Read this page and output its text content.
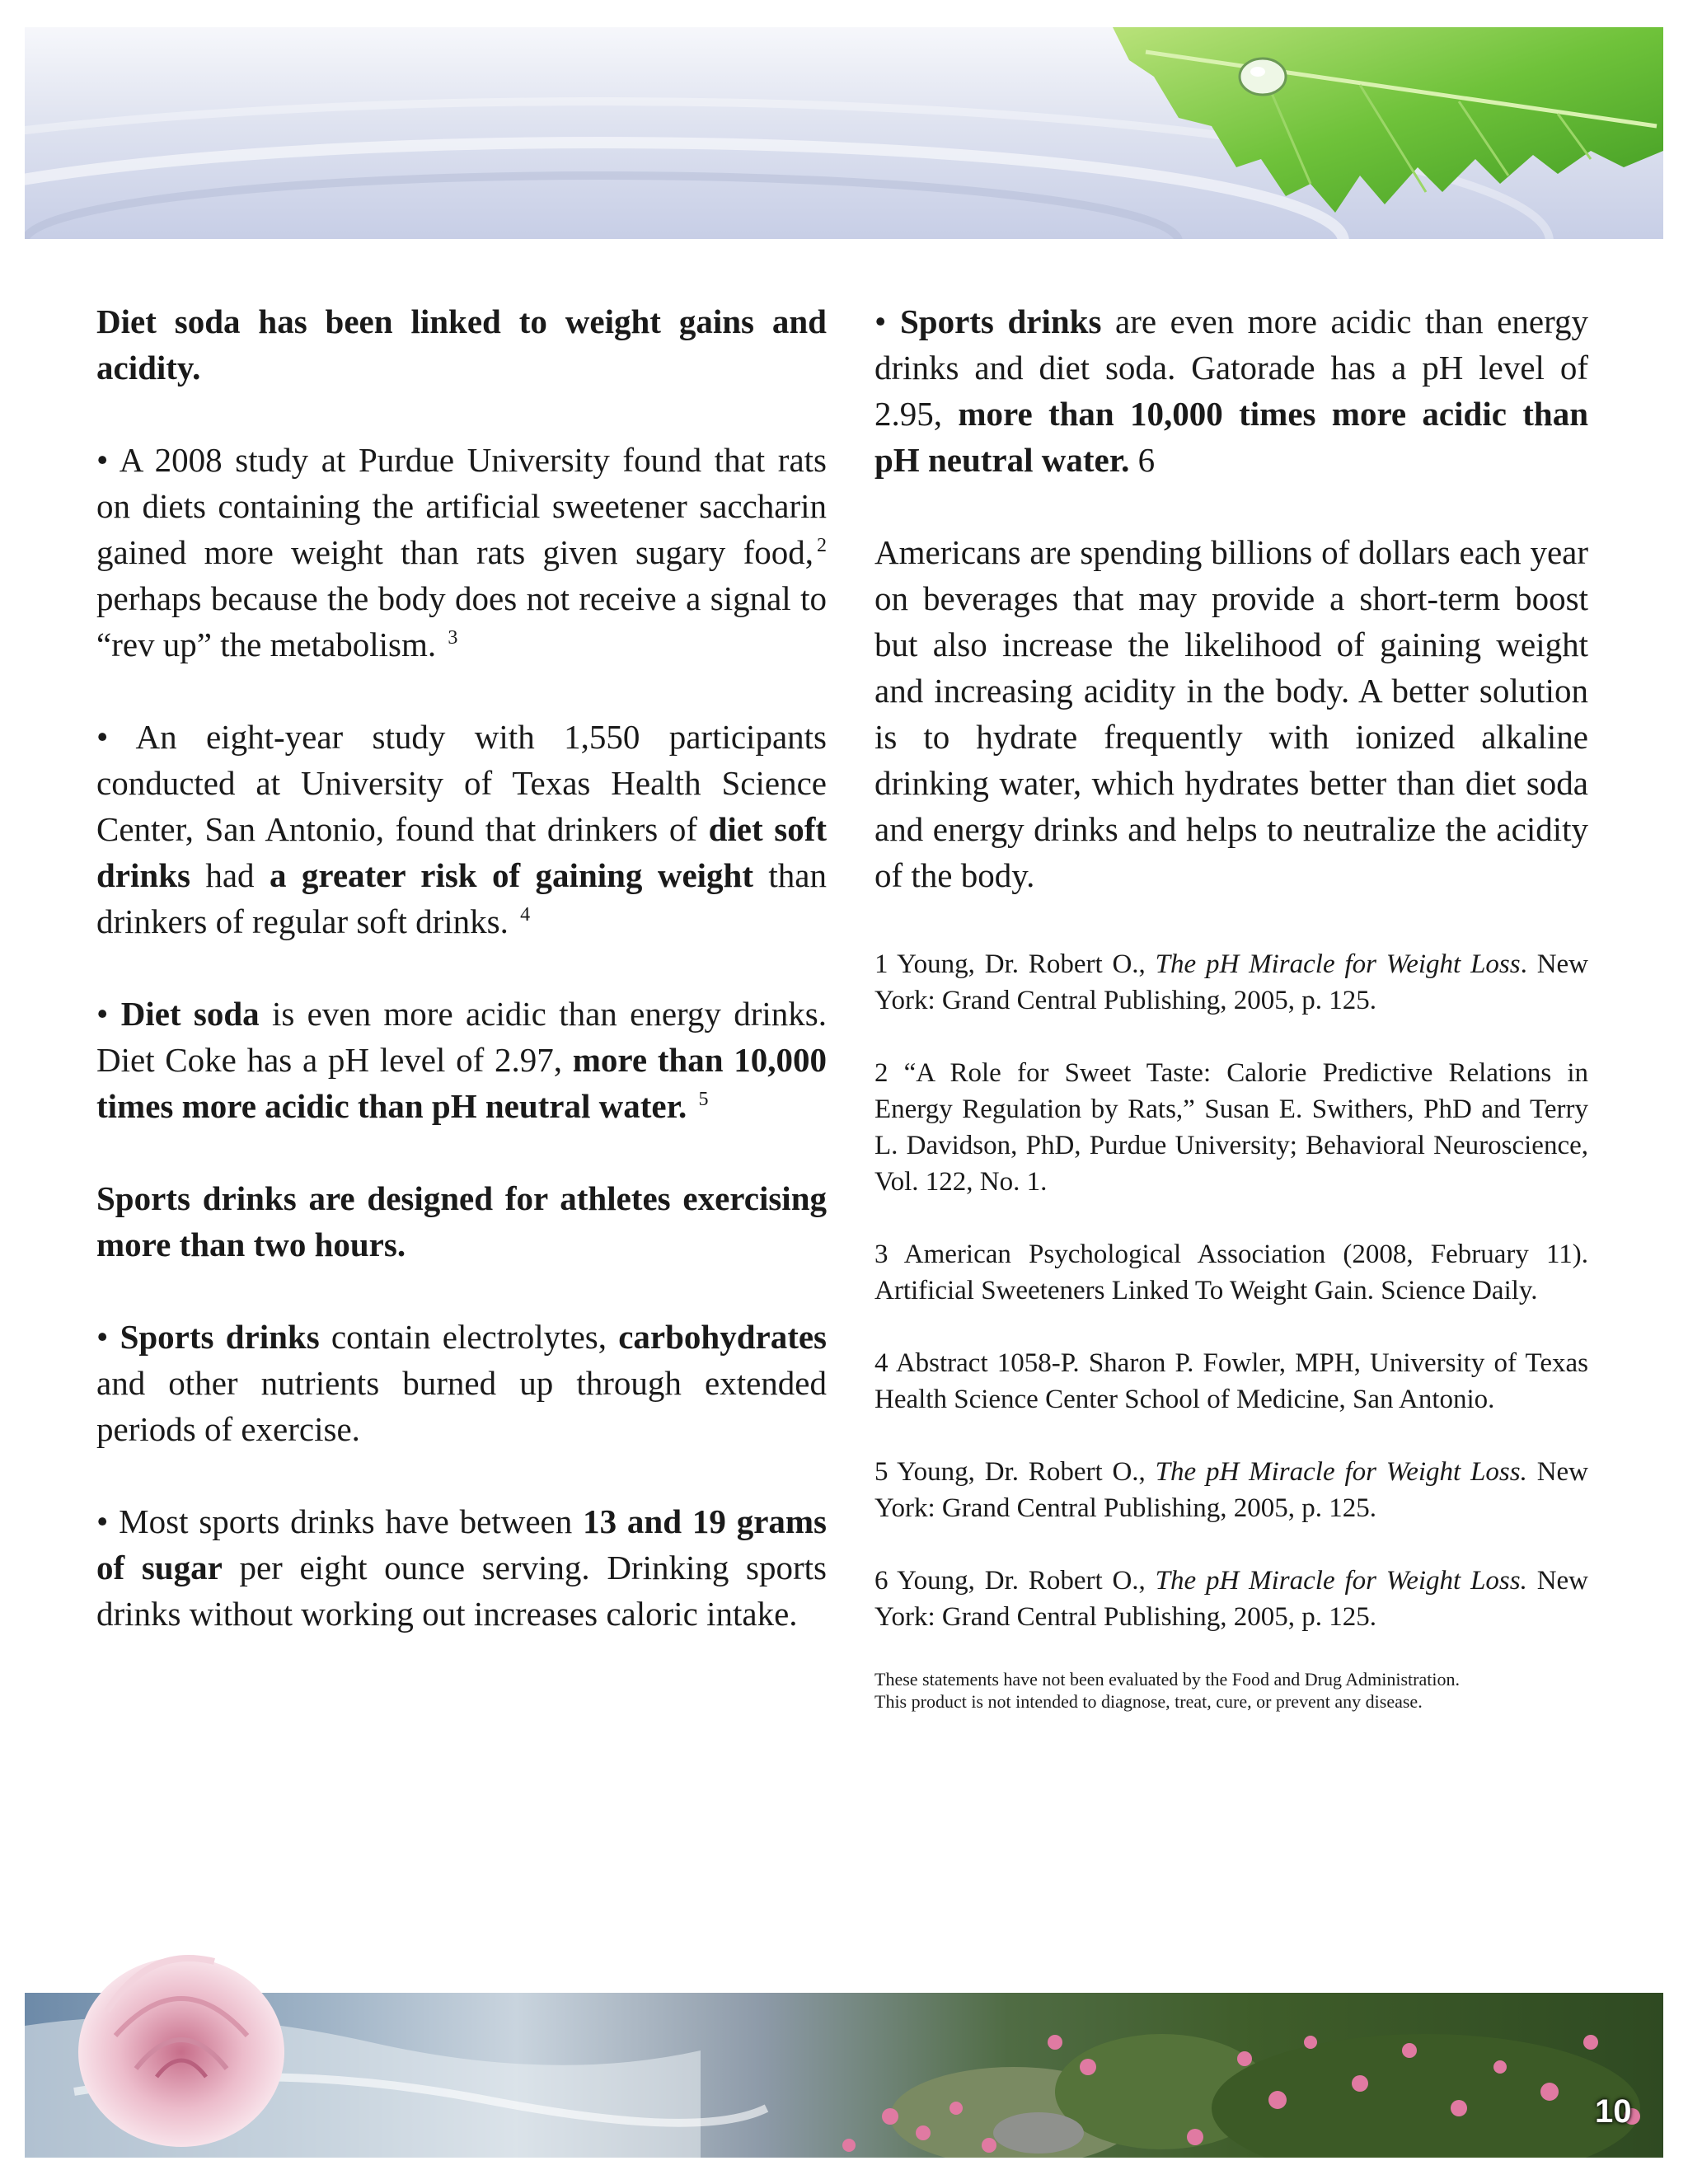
Diet soda has been linked to weight gains and acidity.

• A 2008 study at Purdue University found that rats on diets containing the artificial sweetener saccharin gained more weight than rats given sugary food, $^2$ perhaps because the body does not receive a signal to “rev up” the metabolism. $^3$

• An eight-year study with 1,550 participants conducted at University of Texas Health Science Center, San Antonio, found that drinkers of diet soft drinks had a greater risk of gaining weight than drinkers of regular soft drinks. $^4$

• Diet soda is even more acidic than energy drinks. Diet Coke has a pH level of 2.97, more than 10,000 times more acidic than pH neutral water. $^5$

Sports drinks are designed for athletes exercising more than two hours.

• Sports drinks contain electrolytes, carbohydrates and other nutrients burned up through extended periods of exercise.

• Most sports drinks have between 13 and 19 grams of sugar per eight ounce serving. Drinking sports drinks without working out increases caloric intake.

• Sports drinks are even more acidic than energy drinks and diet soda. Gatorade has a pH level of 2.95, more than 10,000 times more acidic than pH neutral water. 6

Americans are spending billions of dollars each year on beverages that may provide a short-term boost but also increase the likelihood of gaining weight and increasing acidity in the body. A better solution is to hydrate frequently with ionized alkaline drinking water, which hydrates better than diet soda and energy drinks and helps to neutralize the acidity of the body.

1 Young, Dr. Robert O., The pH Miracle for Weight Loss. New York: Grand Central Publishing, 2005, p. 125.

2 “A Role for Sweet Taste: Calorie Predictive Relations in Energy Regulation by Rats,” Susan E. Swithers, PhD and Terry L. Davidson, PhD, Purdue University; Behavioral Neuroscience, Vol. 122, No. 1.

3 American Psychological Association (2008, February 11). Artificial Sweeteners Linked To Weight Gain. Science Daily.

4 Abstract 1058-P. Sharon P. Fowler, MPH, University of Texas Health Science Center School of Medicine, San Antonio.

5 Young, Dr. Robert O., The pH Miracle for Weight Loss. New York: Grand Central Publishing, 2005, p. 125.

6 Young, Dr. Robert O., The pH Miracle for Weight Loss. New York: Grand Central Publishing, 2005, p. 125.

These statements have not been evaluated by the Food and Drug Administration.

This product is not intended to diagnose, treat, cure, or prevent any disease.

10
